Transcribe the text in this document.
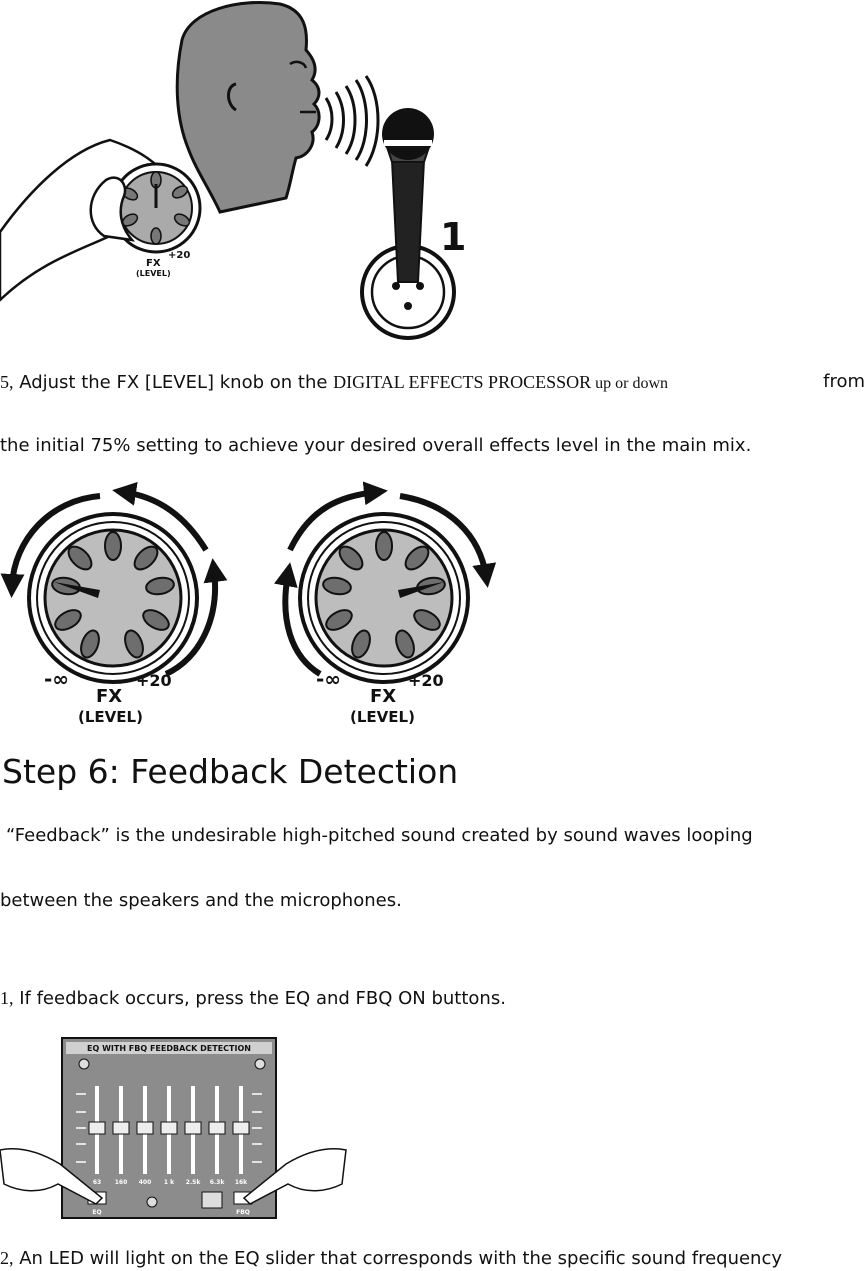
1
+20
FX
(LEVEL)
5, Adjust the FX [LEVEL] knob on the DIGITAL EFFECTS PROCESSOR up or down	from
the initial 75% setting to achieve your desired overall effects level in the main mix.
-∞	+20
FX
(LEVEL)
-∞	+20
FX
(LEVEL)
Step 6: Feedback Detection
“Feedback” is the undesirable high-pitched sound created by sound waves looping
between the speakers and the microphones.
1, If feedback occurs, press the EQ and FBQ ON buttons.
EQ WITH FBQ FEEDBACK DETECTION
63 160 400 1 k 2.5k 6.3k 16k
EQ	FBQ
2, An LED will light on the EQ slider that corresponds with the specific sound frequency
